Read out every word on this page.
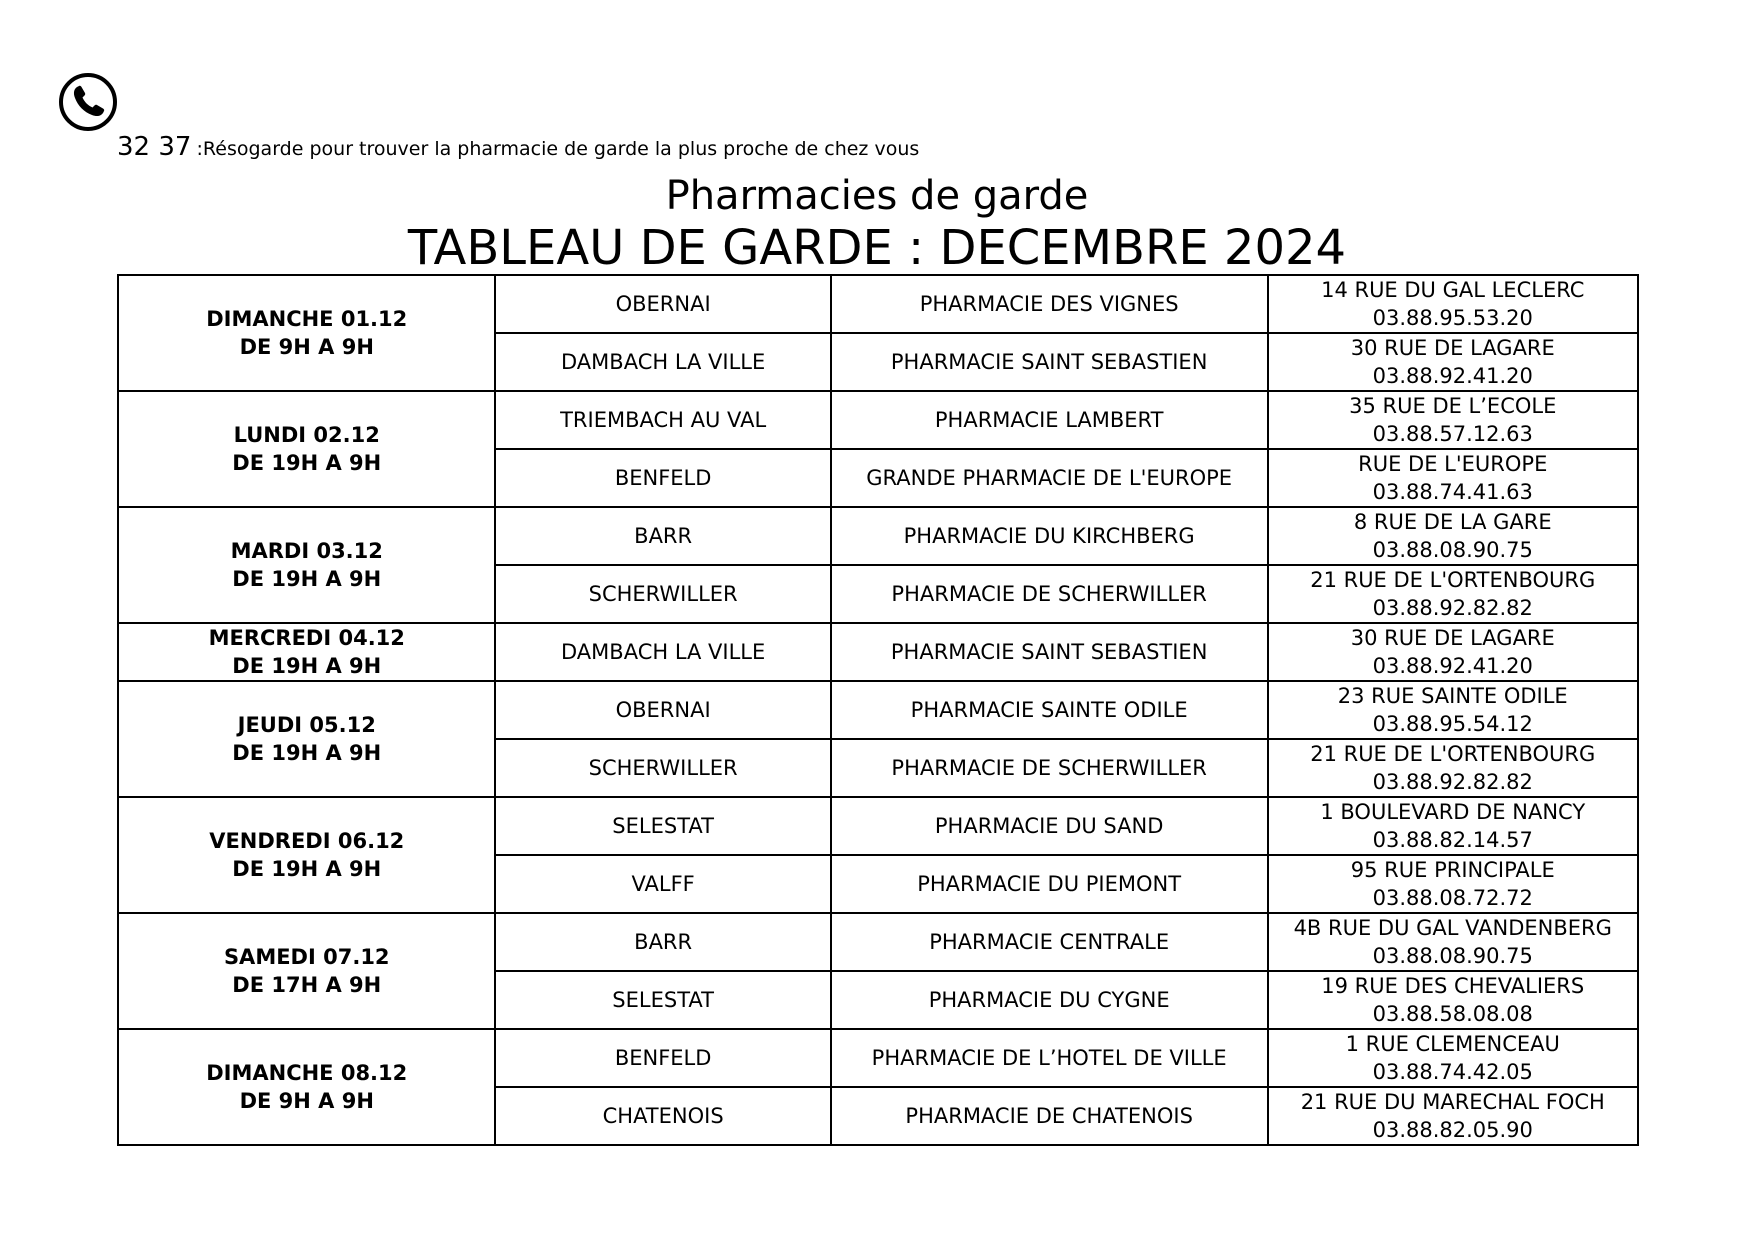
32 37 :Résogarde pour trouver la pharmacie de garde la plus proche de chez vous
Pharmacies de garde
TABLEAU DE GARDE : DECEMBRE 2024
DIMANCHE 01.12
DE 9H A 9H	OBERNAI	PHARMACIE DES VIGNES	14 RUE DU GAL LECLERC
03.88.95.53.20

	DAMBACH LA VILLE	PHARMACIE SAINT SEBASTIEN	30 RUE DE LAGARE
03.88.92.41.20

LUNDI 02.12
DE 19H A 9H	TRIEMBACH AU VAL	PHARMACIE LAMBERT	35 RUE DE L’ECOLE
03.88.57.12.63

	BENFELD	GRANDE PHARMACIE DE L'EUROPE	RUE DE L'EUROPE
03.88.74.41.63

MARDI 03.12
DE 19H A 9H	BARR	PHARMACIE DU KIRCHBERG	8 RUE DE LA GARE
03.88.08.90.75

	SCHERWILLER	PHARMACIE DE SCHERWILLER	21 RUE DE L'ORTENBOURG
03.88.92.82.82

MERCREDI 04.12
DE 19H A 9H	DAMBACH LA VILLE	PHARMACIE SAINT SEBASTIEN	30 RUE DE LAGARE
03.88.92.41.20

JEUDI 05.12
DE 19H A 9H	OBERNAI	PHARMACIE SAINTE ODILE	23 RUE SAINTE ODILE
03.88.95.54.12

	SCHERWILLER	PHARMACIE DE SCHERWILLER	21 RUE DE L'ORTENBOURG
03.88.92.82.82

VENDREDI 06.12
DE 19H A 9H	SELESTAT	PHARMACIE DU SAND	1 BOULEVARD DE NANCY
03.88.82.14.57

	VALFF	PHARMACIE DU PIEMONT	95 RUE PRINCIPALE
03.88.08.72.72

SAMEDI 07.12
DE 17H A 9H	BARR	PHARMACIE CENTRALE	4B RUE DU GAL VANDENBERG
03.88.08.90.75

	SELESTAT	PHARMACIE DU CYGNE	19 RUE DES CHEVALIERS
03.88.58.08.08

DIMANCHE 08.12
DE 9H A 9H	BENFELD	PHARMACIE DE L’HOTEL DE VILLE	1 RUE CLEMENCEAU
03.88.74.42.05

	CHATENOIS	PHARMACIE DE CHATENOIS	21 RUE DU MARECHAL FOCH
03.88.82.05.90
